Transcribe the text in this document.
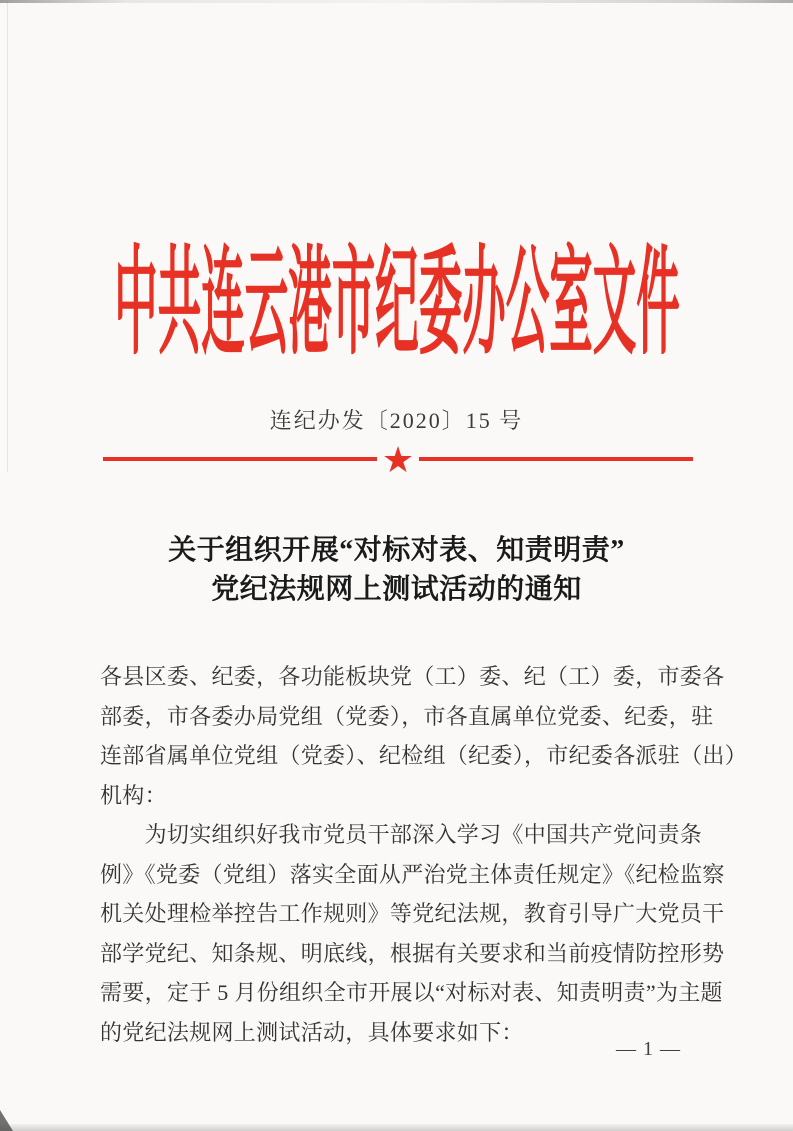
中共连云港市纪委办公室文件
连纪办发〔2020〕15 号
★
关于组织开展“对标对表、知责明责”
党纪法规网上测试活动的通知
各县区委、纪委，各功能板块党（工）委、纪（工）委，市委各
部委，市各委办局党组（党委），市各直属单位党委、纪委，驻
连部省属单位党组（党委）、纪检组（纪委），市纪委各派驻（出）
机构：
　　为切实组织好我市党员干部深入学习《中国共产党问责条
例》《党委（党组）落实全面从严治党主体责任规定》《纪检监察
机关处理检举控告工作规则》等党纪法规，教育引导广大党员干
部学党纪、知条规、明底线，根据有关要求和当前疫情防控形势
需要，定于 5 月份组织全市开展以“对标对表、知责明责”为主题
的党纪法规网上测试活动，具体要求如下：
— 1 —
